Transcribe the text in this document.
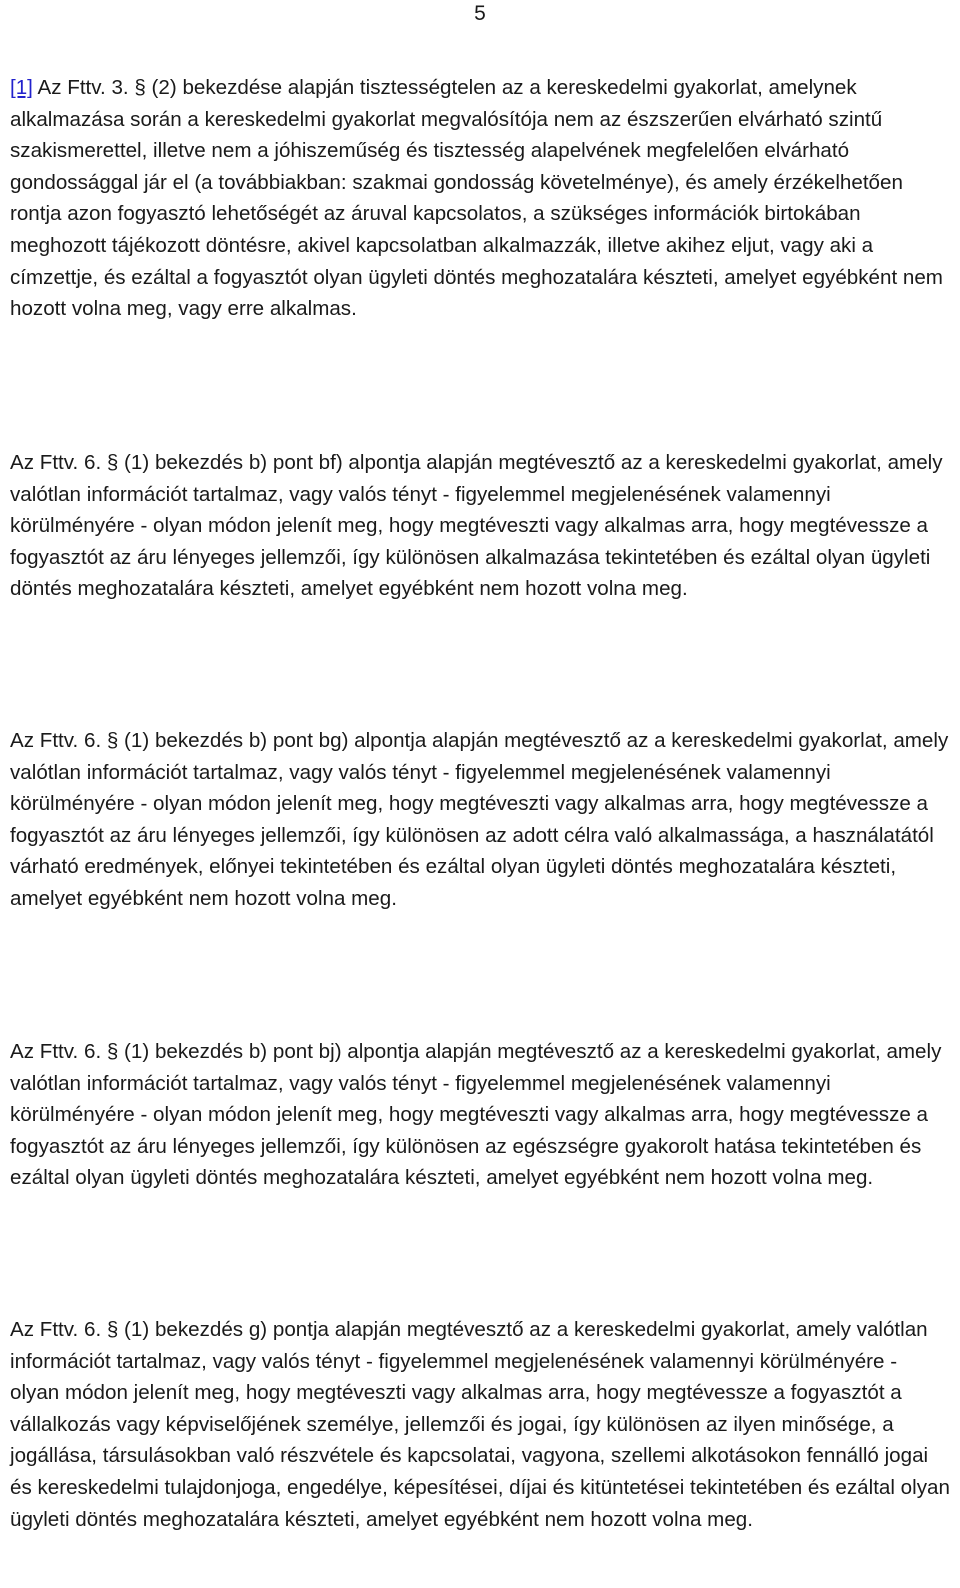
5

[1] Az Fttv. 3. § (2) bekezdése alapján tisztességtelen az a kereskedelmi gyakorlat, amelynek alkalmazása során a kereskedelmi gyakorlat megvalósítója nem az észszerűen elvárható szintű szakismerettel, illetve nem a jóhiszeműség és tisztesség alapelvének megfelelően elvárható gondossággal jár el (a továbbiakban: szakmai gondosság követelménye), és amely érzékelhetően rontja azon fogyasztó lehetőségét az áruval kapcsolatos, a szükséges információk birtokában meghozott tájékozott döntésre, akivel kapcsolatban alkalmazzák, illetve akihez eljut, vagy aki a címzettje, és ezáltal a fogyasztót olyan ügyleti döntés meghozatalára készteti, amelyet egyébként nem hozott volna meg, vagy erre alkalmas.

Az Fttv. 6. § (1) bekezdés b) pont bf) alpontja alapján megtévesztő az a kereskedelmi gyakorlat, amely valótlan információt tartalmaz, vagy valós tényt - figyelemmel megjelenésének valamennyi körülményére - olyan módon jelenít meg, hogy megtéveszti vagy alkalmas arra, hogy megtévesszе a fogyasztót az áru lényeges jellemzői, így különösen alkalmazása tekintetében és ezáltal olyan ügyleti döntés meghozatalára készteti, amelyet egyébként nem hozott volna meg.

Az Fttv. 6. § (1) bekezdés b) pont bg) alpontja alapján megtévesztő az a kereskedelmi gyakorlat, amely valótlan információt tartalmaz, vagy valós tényt - figyelemmel megjelenésének valamennyi körülményére - olyan módon jelenít meg, hogy megtéveszti vagy alkalmas arra, hogy megtévessze a fogyasztót az áru lényeges jellemzői, így különösen az adott célra való alkalmassága, a használatától várható eredmények, előnyei tekintetében és ezáltal olyan ügyleti döntés meghozatalára készteti, amelyet egyébként nem hozott volna meg.

Az Fttv. 6. § (1) bekezdés b) pont bj) alpontja alapján megtévesztő az a kereskedelmi gyakorlat, amely valótlan információt tartalmaz, vagy valós tényt - figyelemmel megjelenésének valamennyi körülményére - olyan módon jelenít meg, hogy megtéveszti vagy alkalmas arra, hogy megtévessze a fogyasztót az áru lényeges jellemzői, így különösen az egészségre gyakorolt hatása tekintetében és ezáltal olyan ügyleti döntés meghozatalára készteti, amelyet egyébként nem hozott volna meg.

Az Fttv. 6. § (1) bekezdés g) pontja alapján megtévesztő az a kereskedelmi gyakorlat, amely valótlan információt tartalmaz, vagy valós tényt - figyelemmel megjelenésének valamennyi körülményére - olyan módon jelenít meg, hogy megtéveszti vagy alkalmas arra, hogy megtévessze a fogyasztót a vállalkozás vagy képviselőjének személye, jellemzői és jogai, így különösen az ilyen minősége, a jogállása, társulásokban való részvétele és kapcsolatai, vagyona, szellemi alkotásokon fennálló jogai és kereskedelmi tulajdonjoga, engedélye, képesítései, díjai és kitüntetései tekintetében és ezáltal olyan ügyleti döntés meghozatalára készteti, amelyet egyébként nem hozott volna meg.
